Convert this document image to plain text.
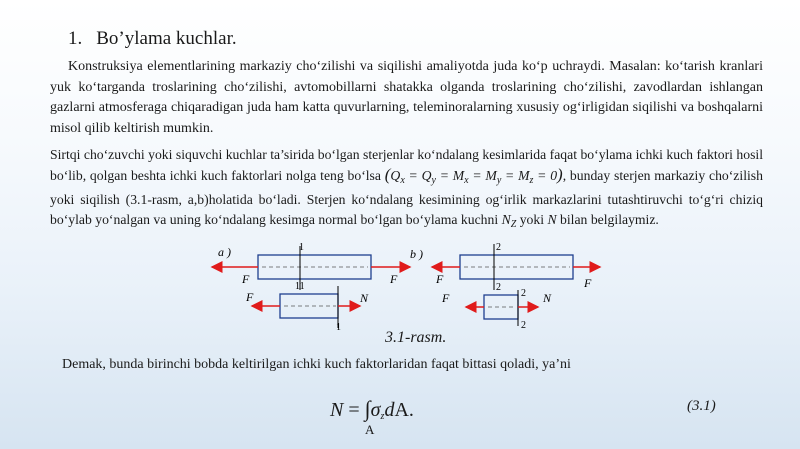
1. Bo’ylama kuchlar.
Konstruksiya elementlarining markaziy cho‘zilishi va siqilishi amaliyotda juda ko‘p uchraydi. Masalan: ko‘tarish kranlari yuk ko‘targanda troslarining cho‘zilishi, avtomobillarni shatakka olganda troslarining cho‘zilishi, zavodlardan ishlangan gazlarni atmosferaga chiqaradigan juda ham katta quvurlarning, teleminoralarning xususiy og‘irligidan siqilishi va boshqalarni misol qilib keltirish mumkin.
Sirtqi cho‘zuvchi yoki siquvchi kuchlar ta’sirida bo‘lgan sterjenlar ko‘ndalang kesimlarida faqat bo‘ylama ichki kuch faktori hosil bo‘lib, qolgan beshta ichki kuch faktorlari nolga teng bo‘lsa $(Q_x = Q_y = M_x = M_y = M_z = 0)$, bunday sterjen markaziy cho‘zilish yoki siqilish (3.1-rasm, a,b)holatida bo‘ladi. Sterjen ko‘ndalang kesimining og‘irlik markazlarini tutashtiruvchi to‘g‘ri chiziq bo‘ylab yo‘nalgan va uning ko‘ndalang kesimga normal bo‘lgan bo‘ylama kuchni $N_Z$ yoki N bilan belgilaymiz.
a )	1
11
F	F
F	N
1
b )	2
2
F	F
F	N
2
2
3.1-rasm.
Demak, bunda birinchi bobda keltirilgan ichki kuch faktorlaridan faqat bittasi qoladi, ya’ni
$N = \int\sigma_zdA$.
A
(3.1)
